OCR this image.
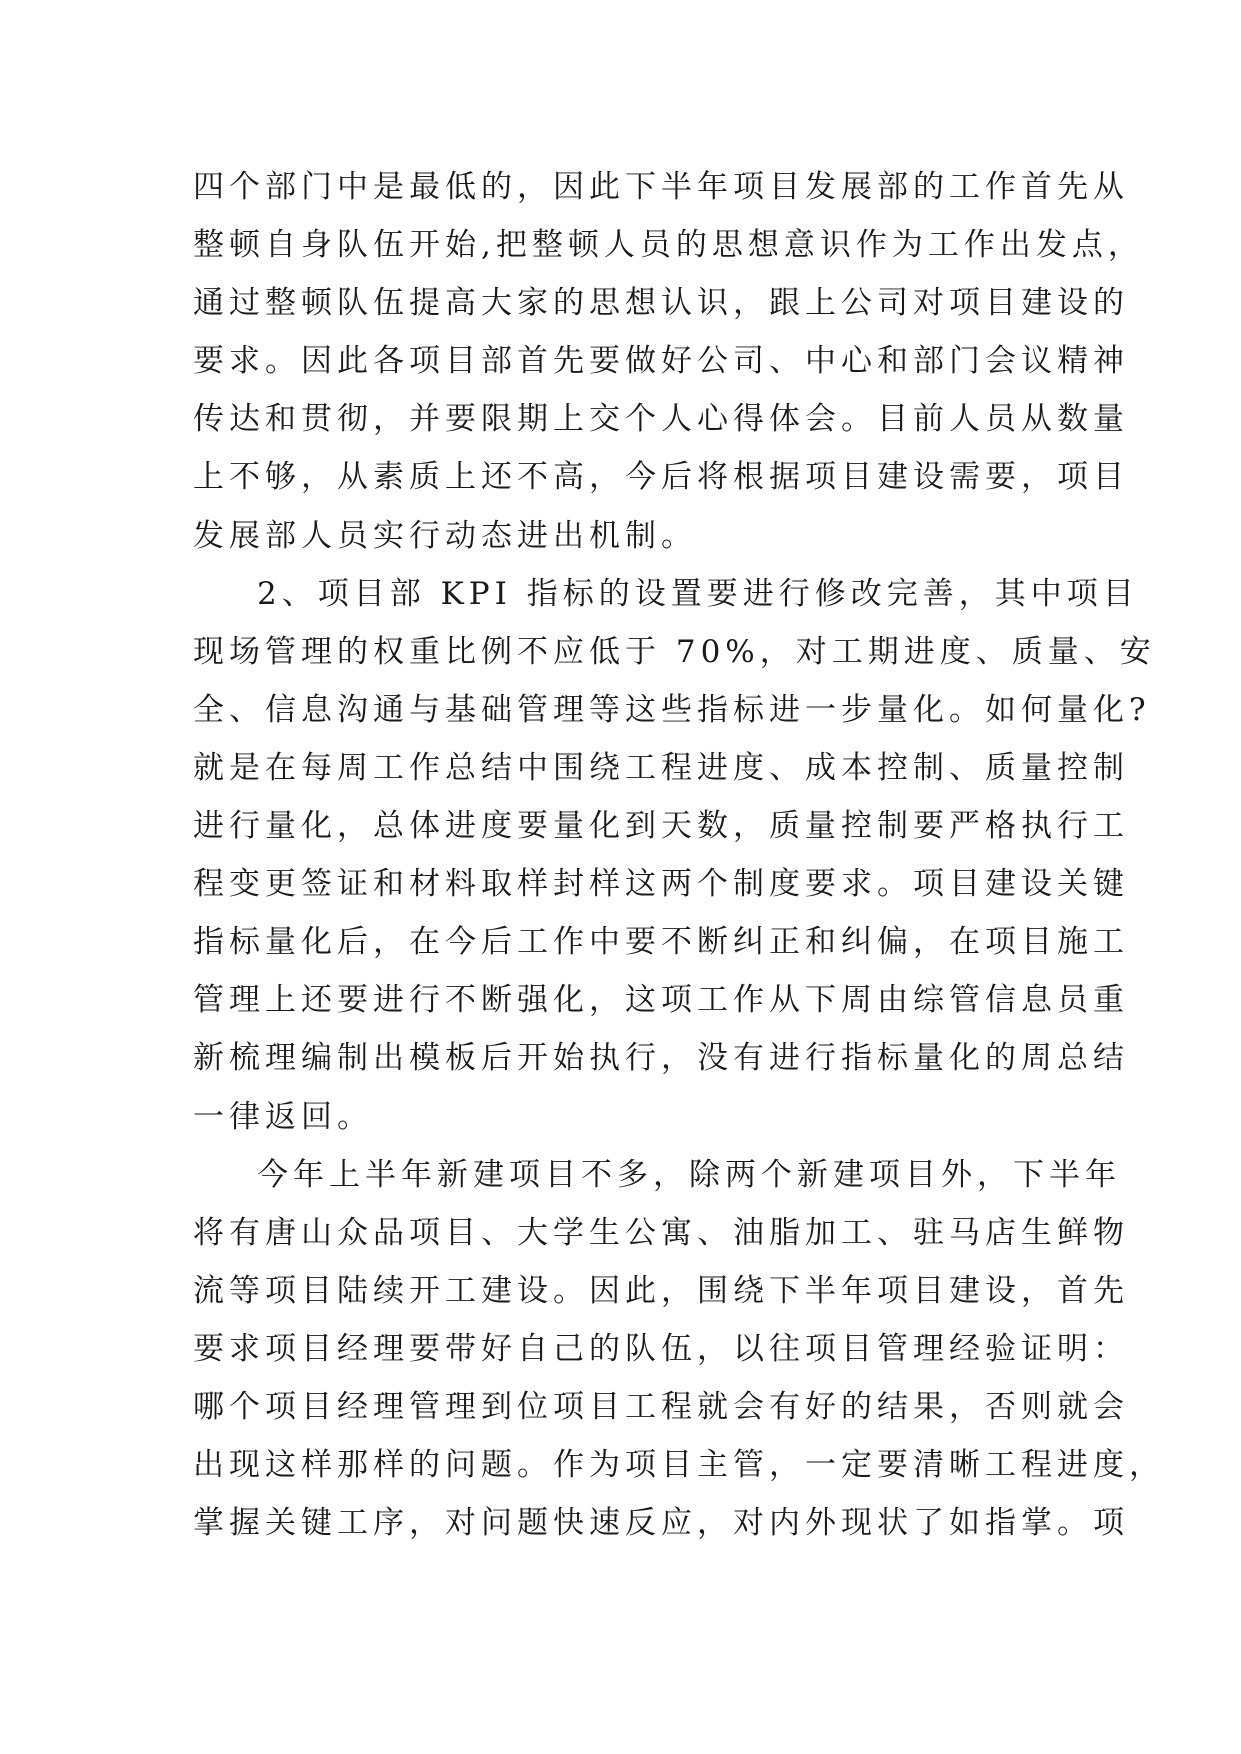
四个部门中是最低的，因此下半年项目发展部的工作首先从
整顿自身队伍开始,把整顿人员的思想意识作为工作出发点，
通过整顿队伍提高大家的思想认识，跟上公司对项目建设的
要求。因此各项目部首先要做好公司、中心和部门会议精神
传达和贯彻，并要限期上交个人心得体会。目前人员从数量
上不够，从素质上还不高，今后将根据项目建设需要，项目
发展部人员实行动态进出机制。
2、项目部 KPI 指标的设置要进行修改完善，其中项目
现场管理的权重比例不应低于 70%，对工期进度、质量、安
全、信息沟通与基础管理等这些指标进一步量化。如何量化?
就是在每周工作总结中围绕工程进度、成本控制、质量控制
进行量化，总体进度要量化到天数，质量控制要严格执行工
程变更签证和材料取样封样这两个制度要求。项目建设关键
指标量化后，在今后工作中要不断纠正和纠偏，在项目施工
管理上还要进行不断强化，这项工作从下周由综管信息员重
新梳理编制出模板后开始执行，没有进行指标量化的周总结
一律返回。
今年上半年新建项目不多，除两个新建项目外，下半年
将有唐山众品项目、大学生公寓、油脂加工、驻马店生鲜物
流等项目陆续开工建设。因此，围绕下半年项目建设，首先
要求项目经理要带好自己的队伍，以往项目管理经验证明：
哪个项目经理管理到位项目工程就会有好的结果，否则就会
出现这样那样的问题。作为项目主管，一定要清晰工程进度，
掌握关键工序，对问题快速反应，对内外现状了如指掌。项
